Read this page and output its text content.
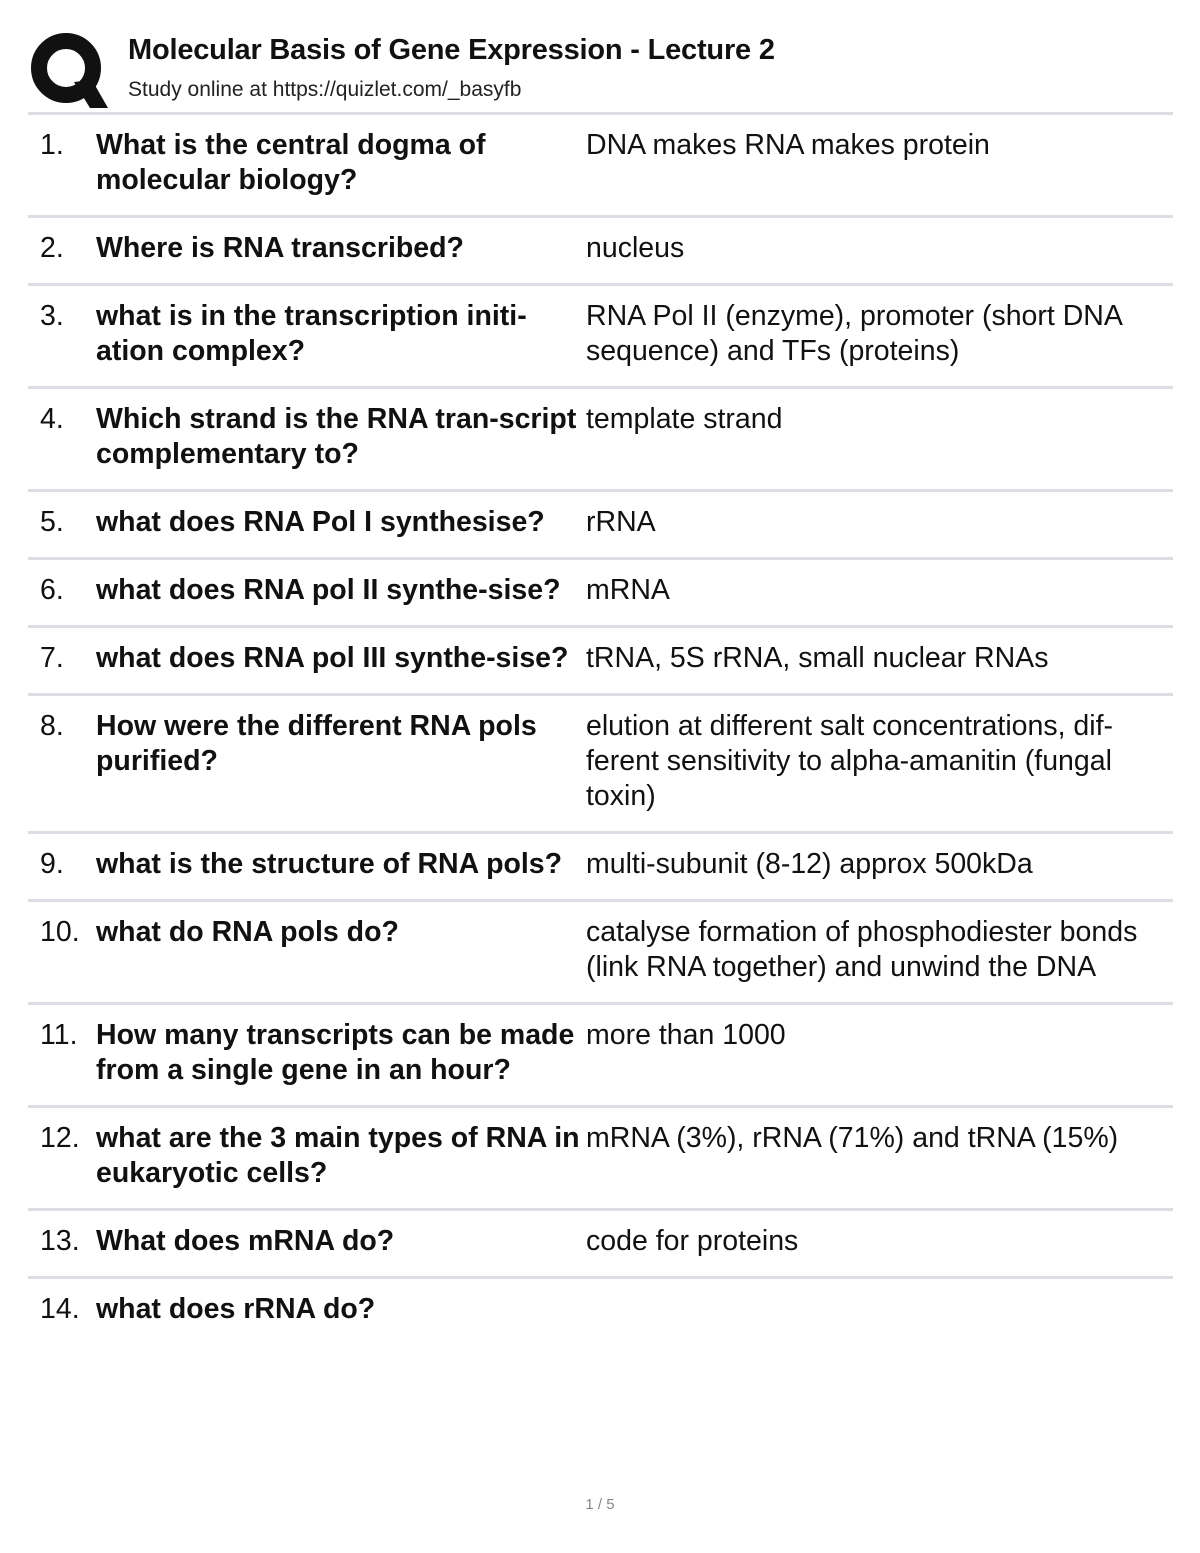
Molecular Basis of Gene Expression - Lecture 2
Study online at https://quizlet.com/_basyfb
1.	What is the central dogma of molecular biology?
DNA makes RNA makes protein
2.	Where is RNA transcribed?	nucleus
3.	what is in the transcription initi-ation complex?
RNA Pol II (enzyme), promoter (short DNA sequence) and TFs (proteins)
4.	Which strand is the RNA tran-script complementary to?
template strand
5.	what does RNA Pol I synthesise?	rRNA
6.	what does RNA pol II synthe-sise? mRNA
7.	what does RNA pol III synthe-sise? tRNA, 5S rRNA, small nuclear RNAs
8.	How were the different RNA pols purified?
elution at different salt concentrations, dif-ferent sensitivity to alpha-amanitin (fungal toxin)
9.	what is the structure of RNA pols? multi-subunit (8-12) approx 500kDa
10. what do RNA pols do?	catalyse formation of phosphodiester bonds (link RNA together) and unwind the DNA
11. How many transcripts can be made from a single gene in an hour?
more than 1000
12. what are the 3 main types of RNA in eukaryotic cells?
mRNA (3%), rRNA (71%) and tRNA (15%)
13. What does mRNA do?	code for proteins
14. what does rRNA do?
1 / 5
